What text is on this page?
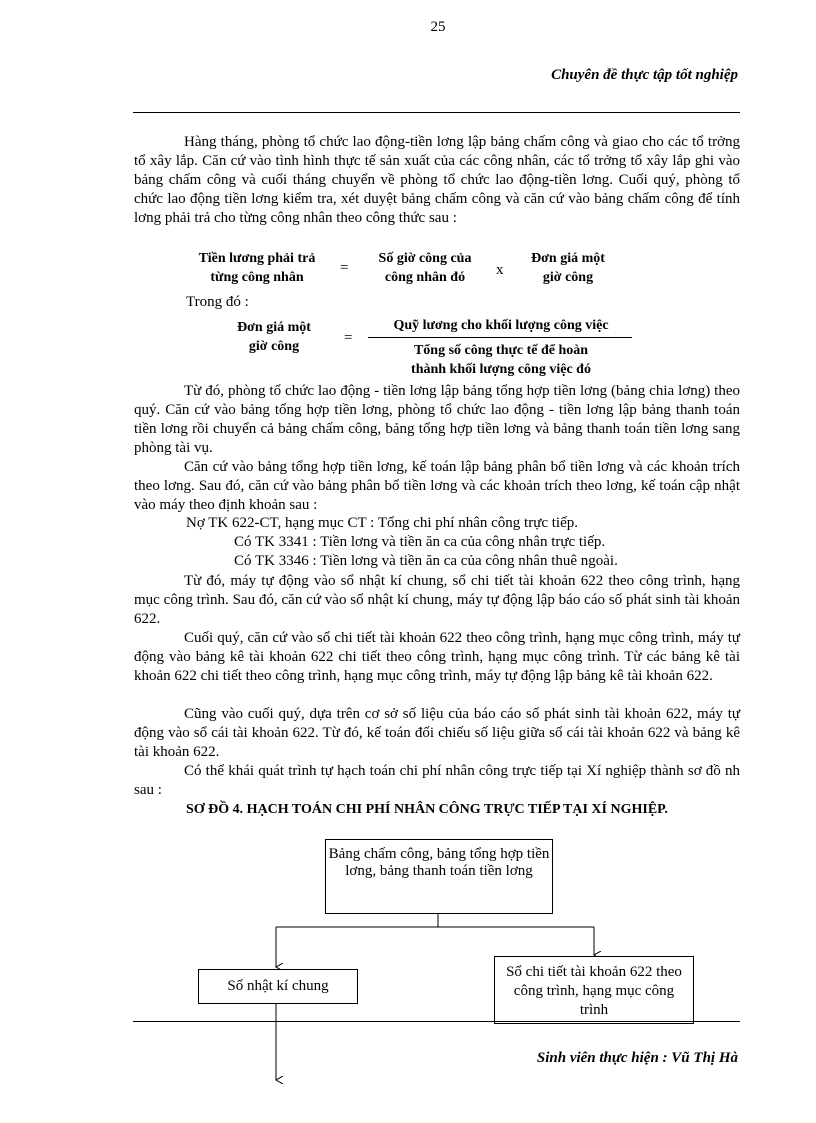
25
Chuyên đề thực tập tốt nghiệp
Hàng tháng, phòng tổ chức lao động-tiền lơng lập bảng chấm công và giao cho các tổ trởng tổ xây lắp. Căn cứ vào tình hình thực tế sản xuất của các công nhân, các tổ trởng tổ xây lắp ghi vào bảng chấm công và cuối tháng chuyển về phòng tổ chức lao động-tiền lơng. Cuối quý, phòng tổ chức lao động tiền lơng kiểm tra, xét duyệt bảng chấm công và căn cứ vào bảng chấm công để tính lơng phải trả cho từng công nhân theo công thức sau :
Tiền lương phải trả
từng công nhân
=
Số giờ công của
công nhân đó	x
Đơn giá một
giờ công
Trong đó :
Đơn giá một
giờ công
=
Quỹ lương cho khối lượng công việc
Tổng số công thực tế để hoàn
thành khối lượng công việc đó
Từ đó, phòng tổ chức lao động - tiền lơng lập bảng tổng hợp tiền lơng (bảng chia lơng) theo quý. Căn cứ vào bảng tổng hợp tiền lơng, phòng tổ chức lao động - tiền lơng lập bảng thanh toán tiền lơng rồi chuyển cả bảng chấm công, bảng tổng hợp tiền lơng và bảng thanh toán tiền lơng sang phòng tài vụ.
Căn cứ vào bảng tổng hợp tiền lơng, kế toán lập bảng phân bổ tiền lơng và các khoản trích theo lơng. Sau đó, căn cứ vào bảng phân bổ tiền lơng và các khoản trích theo lơng, kế toán cập nhật vào máy theo định khoản sau :
Nợ TK 622-CT, hạng mục CT : Tổng chi phí nhân công trực tiếp.
Có TK 3341 : Tiền lơng và tiền ăn ca của công nhân trực tiếp.
Có TK 3346 : Tiền lơng và tiền ăn ca của công nhân thuê ngoài.
Từ đó, máy tự động vào sổ nhật kí chung, sổ chi tiết tài khoản 622 theo công trình, hạng mục công trình. Sau đó, căn cứ vào sổ nhật kí chung, máy tự động lập báo cáo số phát sinh tài khoản 622.
Cuối quý, căn cứ vào sổ chi tiết tài khoản 622 theo công trình, hạng mục công trình, máy tự động vào bảng kê tài khoản 622 chi tiết theo công trình, hạng mục công trình. Từ các bảng kê tài khoản 622 chi tiết theo công trình, hạng mục công trình, máy tự động lập bảng kê tài khoản 622.
Cũng vào cuối quý, dựa trên cơ sở số liệu của báo cáo số phát sinh tài khoản 622, máy tự động vào sổ cái tài khoản 622. Từ đó, kế toán đối chiếu số liệu giữa sổ cái tài khoản 622 và bảng kê tài khoản 622.
Có thể khái quát trình tự hạch toán chi phí nhân công trực tiếp tại Xí nghiệp thành sơ đồ nh sau :
SƠ ĐỒ 4. HẠCH TOÁN CHI PHÍ NHÂN CÔNG TRỰC TIẾP TẠI XÍ NGHIỆP.
Bảng chấm công, bảng tổng hợp tiền lơng, bảng thanh toán tiền lơng
Sổ nhật kí chung
Sổ chi tiết tài khoản 622 theo công trình, hạng mục công trình
Sinh viên thực hiện : Vũ Thị Hà
